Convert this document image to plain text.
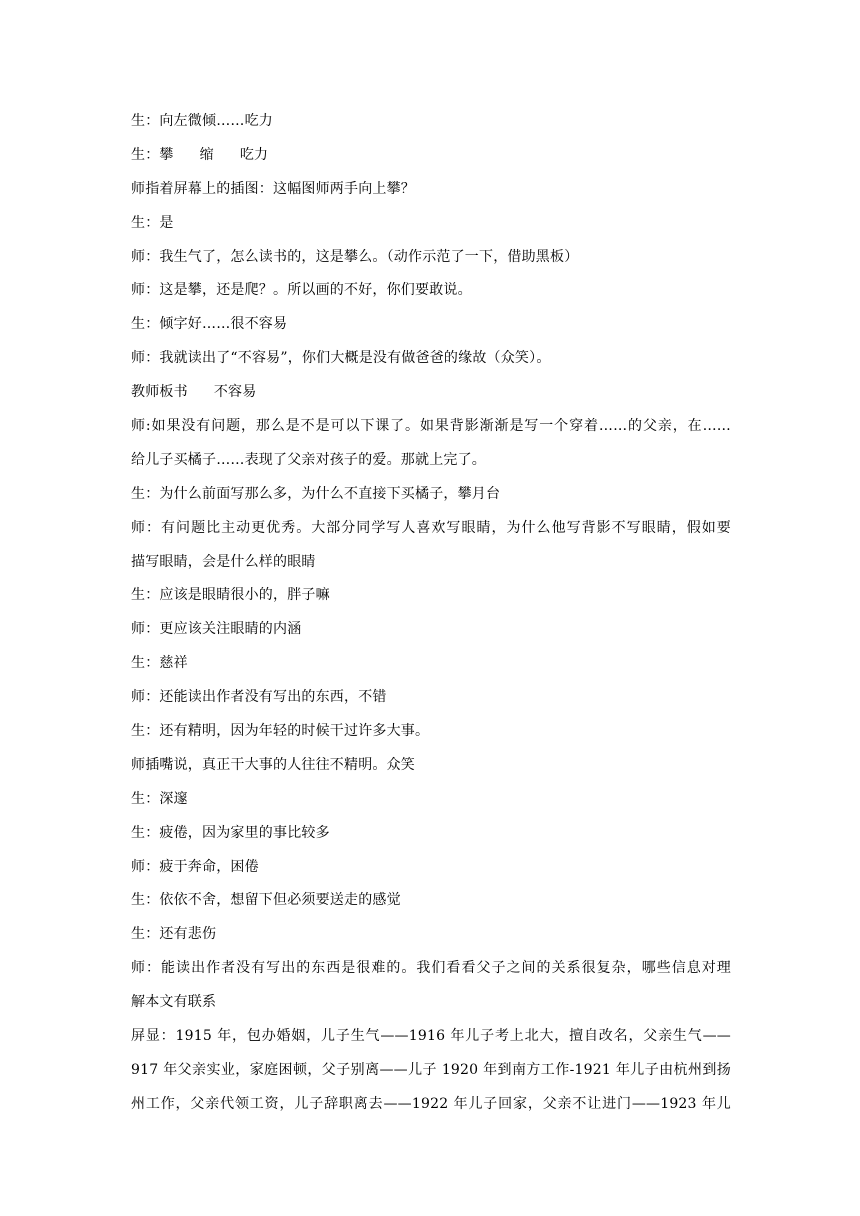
生：向左微倾……吃力

生：攀 缩 吃力

师指着屏幕上的插图：这幅图师两手向上攀？

生：是

师：我生气了，怎么读书的，这是攀么。（动作示范了一下，借助黑板）

师：这是攀，还是爬？。所以画的不好，你们要敢说。

生：倾字好……很不容易

师：我就读出了“不容易”，你们大概是没有做爸爸的缘故（众笑）。

教师板书 不容易

师:如果没有问题，那么是不是可以下课了。如果背影渐渐是写一个穿着……的父亲，在……

给儿子买橘子……表现了父亲对孩子的爱。那就上完了。

生：为什么前面写那么多，为什么不直接下买橘子，攀月台

师：有问题比主动更优秀。大部分同学写人喜欢写眼睛，为什么他写背影不写眼睛，假如要

描写眼睛，会是什么样的眼睛

生：应该是眼睛很小的，胖子嘛

师：更应该关注眼睛的内涵

生：慈祥

师：还能读出作者没有写出的东西，不错

生：还有精明，因为年轻的时候干过许多大事。

师插嘴说，真正干大事的人往往不精明。众笑

生：深邃

生：疲倦，因为家里的事比较多

师：疲于奔命，困倦

生：依依不舍，想留下但必须要送走的感觉

生：还有悲伤

师：能读出作者没有写出的东西是很难的。我们看看父子之间的关系很复杂，哪些信息对理

解本文有联系

屏显：1915 年，包办婚姻，儿子生气——1916 年儿子考上北大，擅自改名，父亲生气——

917 年父亲实业，家庭困顿，父子别离——儿子 1920 年到南方工作-1921 年儿子由杭州到扬

州工作，父亲代领工资，儿子辞职离去——1922 年儿子回家，父亲不让进门——1923 年儿
